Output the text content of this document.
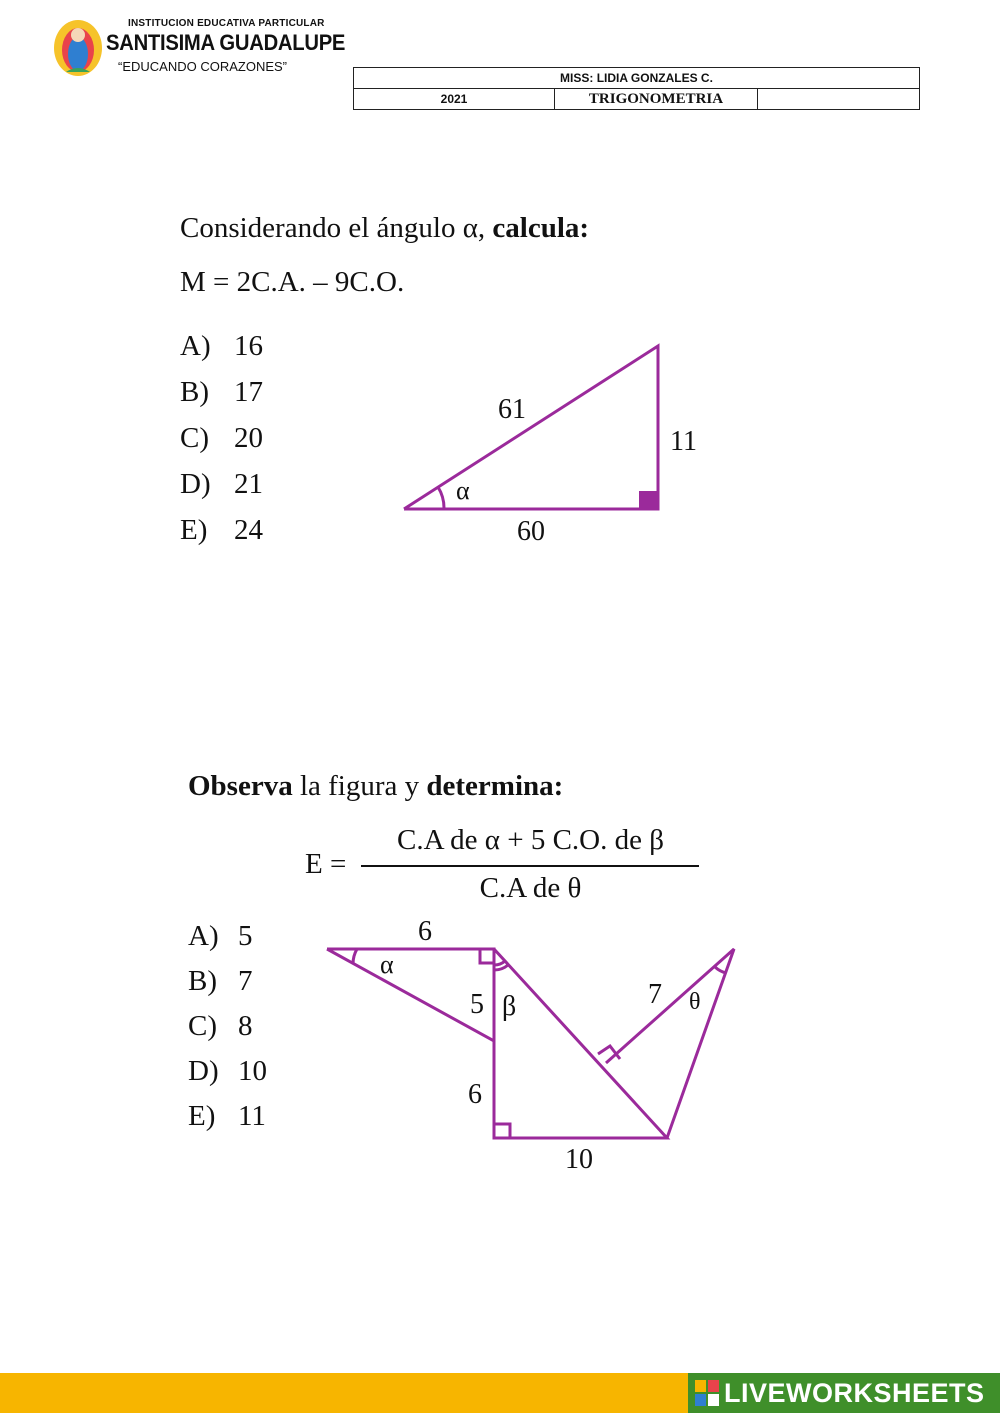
INSTITUCION EDUCATIVA PARTICULAR
SANTISIMA GUADALUPE
“EDUCANDO CORAZONES”
MISS: LIDIA GONZALES C.
2021	TRIGONOMETRIA	
Considerando el ángulo α, calcula:
M = 2C.A. – 9C.O.
A) 16
B) 17
C) 20
D) 21
E) 24
61
11
60
α
Observa la figura y determina:
E =
C.A de α + 5 C.O. de β
C.A de θ
A) 5
B) 7
C) 8
D) 10
E) 11
6
α
5 β
6
10
7 θ
LIVEWORKSHEETS
